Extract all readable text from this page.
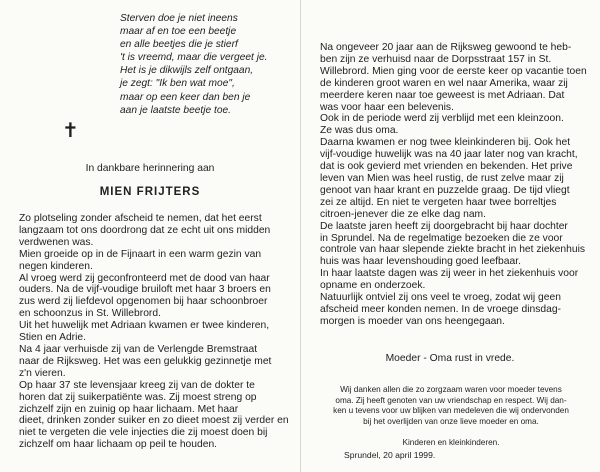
Sterven doe je niet ineens
maar af en toe een beetje
en alle beetjes die je stierf
't is vreemd, maar die vergeet je.
Het is je dikwijls zelf ontgaan,
je zegt: "Ik ben wat moe",
maar op een keer dan ben je
aan je laatste beetje toe.
✝
In dankbare herinnering aan
MIEN FRIJTERS
Zo plotseling zonder afscheid te nemen, dat het eerst
langzaam tot ons doordrong dat ze echt uit ons midden
verdwenen was.
Mien groeide op in de Fijnaart in een warm gezin van
negen kinderen.
Al vroeg werd zij geconfronteerd met de dood van haar
ouders. Na de vijf-voudige bruiloft met haar 3 broers en
zus werd zij liefdevol opgenomen bij haar schoonbroer
en schoonzus in St. Willebrord.
Uit het huwelijk met Adriaan kwamen er twee kinderen,
Stien en Adrie.
Na 4 jaar verhuisde zij van de Verlengde Bremstraat
naar de Rijksweg. Het was een gelukkig gezinnetje met
z'n vieren.
Op haar 37 ste levensjaar kreeg zij van de dokter te
horen dat zij suikerpatiënte was. Zij moest streng op
zichzelf zijn en zuinig op haar lichaam. Met haar
dieet, drinken zonder suiker en zo dieet moest zij verder en
niet te vergeten die vele injecties die zij moest doen bij
zichzelf om haar lichaam op peil te houden.
Na ongeveer 20 jaar aan de Rijksweg gewoond te heb-
ben zijn ze verhuisd naar de Dorpsstraat 157 in St.
Willebrord. Mien ging voor de eerste keer op vacantie toen
de kinderen groot waren en wel naar Amerika, waar zij
meerdere keren naar toe geweest is met Adriaan. Dat
was voor haar een belevenis.
Ook in de periode werd zij verblijd met een kleinzoon.
Ze was dus oma.
Daarna kwamen er nog twee kleinkinderen bij. Ook het
vijf-voudige huwelijk was na 40 jaar later nog van kracht,
dat is ook gevierd met vrienden en bekenden. Het prive
leven van Mien was heel rustig, de rust zelve maar zij
genoot van haar krant en puzzelde graag. De tijd vliegt
zei ze altijd. En niet te vergeten haar twee borreltjes
citroen-jenever die ze elke dag nam.
De laatste jaren heeft zij doorgebracht bij haar dochter
in Sprundel. Na de regelmatige bezoeken die ze voor
controle van haar slepende ziekte bracht in het ziekenhuis
huis was haar levenshouding goed leefbaar.
In haar laatste dagen was zij weer in het ziekenhuis voor
opname en onderzoek.
Natuurlijk ontviel zij ons veel te vroeg, zodat wij geen
afscheid meer konden nemen. In de vroege dinsdag-
morgen is moeder van ons heengegaan.
Moeder - Oma rust in vrede.
Wij danken allen die zo zorgzaam waren voor moeder tevens
oma. Zij heeft genoten van uw vriendschap en respect. Wij dan-
ken u tevens voor uw blijken van medeleven die wij ondervonden
bij het overlijden van onze lieve moeder en oma.

Kinderen en kleinkinderen.
Sprundel, 20 april 1999.
